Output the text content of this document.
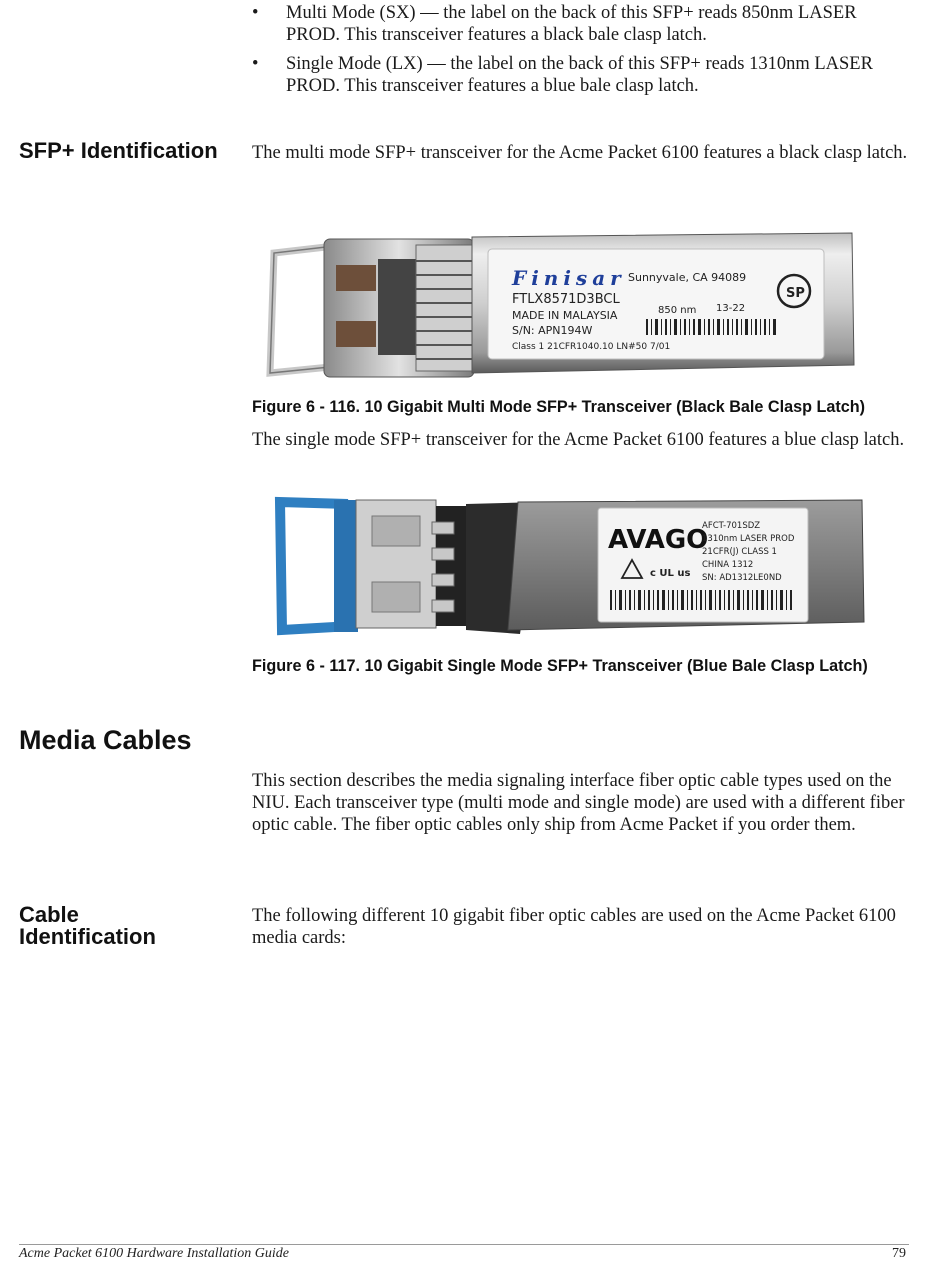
• Multi Mode (SX) — the label on the back of this SFP+ reads 850nm LASER PROD. This transceiver features a black bale clasp latch.
• Single Mode (LX) — the label on the back of this SFP+ reads 1310nm LASER PROD. This transceiver features a blue bale clasp latch.
SFP+ Identification The multi mode SFP+ transceiver for the Acme Packet 6100 features a black clasp latch.
Finisar Sunnyvale, CA 94089
FTLX8571D3BCL
MADE IN MALAYSIA	850 nm 13-22
S/N: APN194W
Class 1 21CFR1040.10 LN#50 7/01
SP
Figure 6 - 116. 10 Gigabit Multi Mode SFP+ Transceiver (Black Bale Clasp Latch)
The single mode SFP+ transceiver for the Acme Packet 6100 features a blue clasp latch.
AVAGO
AFCT-701SDZ
1310nm LASER PROD
21CFR(J) CLASS 1
CHINA 1312
SN: AD1312LE0ND
c UL us
Figure 6 - 117. 10 Gigabit Single Mode SFP+ Transceiver (Blue Bale Clasp Latch)
Media Cables
This section describes the media signaling interface fiber optic cable types used on the NIU. Each transceiver type (multi mode and single mode) are used with a different fiber optic cable. The fiber optic cables only ship from Acme Packet if you order them.
Cable
Identification
The following different 10 gigabit fiber optic cables are used on the Acme Packet 6100 media cards:
Acme Packet 6100 Hardware Installation Guide	79
